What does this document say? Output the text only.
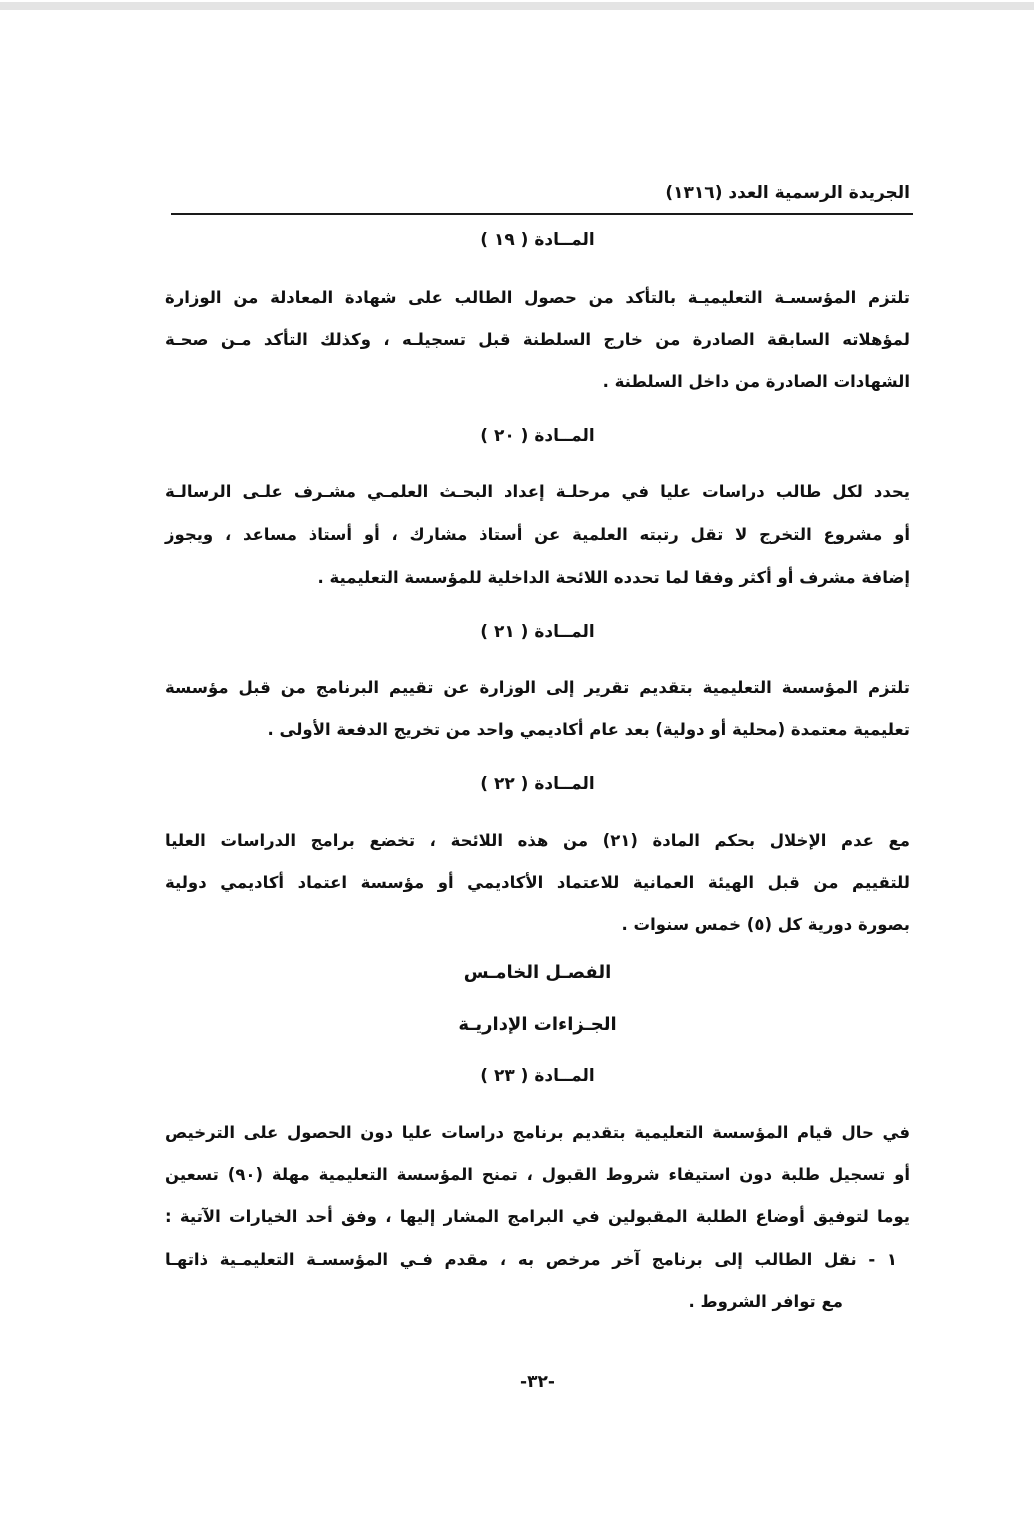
الجريدة الرسمية العدد (١٣١٦)
المــادة ( ١٩ )
تلتزم المؤسسـة التعليميـة بالتأكد من حصول الطالب على شهادة المعادلة من الوزارة
لمؤهلاته السابقة الصادرة من خارج السلطنة قبل تسجيلـه ، وكذلك التأكد مـن صحـة
الشهادات الصادرة من داخل السلطنة .
المــادة ( ٢٠ )
يحدد لكل طالب دراسات عليا في مرحلـة إعداد البحـث العلمـي مشـرف علـى الرسالـة
أو مشروع التخرج لا تقل رتبته العلمية عن أستاذ مشارك ، أو أستاذ مساعد ، ويجوز
إضافة مشرف أو أكثر وفقا لما تحدده اللائحة الداخلية للمؤسسة التعليمية .
المــادة ( ٢١ )
تلتزم المؤسسة التعليمية بتقديم تقرير إلى الوزارة عن تقييم البرنامج من قبل مؤسسة
تعليمية معتمدة (محلية أو دولية) بعد عام أكاديمي واحد من تخريج الدفعة الأولى .
المــادة ( ٢٢ )
مع عدم الإخلال بحكم المادة (٢١) من هذه اللائحة ، تخضع برامج الدراسات العليا
للتقييم من قبل الهيئة العمانية للاعتماد الأكاديمي أو مؤسسة اعتماد أكاديمي دولية
بصورة دورية كل (٥) خمس سنوات .
الفصـل الخامـس
الجـزاءات الإداريـة
المــادة ( ٢٣ )
في حال قيام المؤسسة التعليمية بتقديم برنامج دراسات عليا دون الحصول على الترخيص
أو تسجيل طلبة دون استيفاء شروط القبول ، تمنح المؤسسة التعليمية مهلة (٩٠) تسعين
يوما لتوفيق أوضاع الطلبة المقبولين في البرامج المشار إليها ، وفق أحد الخيارات الآتية :
١ - نقل الطالب إلى برنامج آخر مرخص به ، مقدم فـي المؤسسـة التعليمـية ذاتهـا
مع توافر الشروط .
-٣٢-
